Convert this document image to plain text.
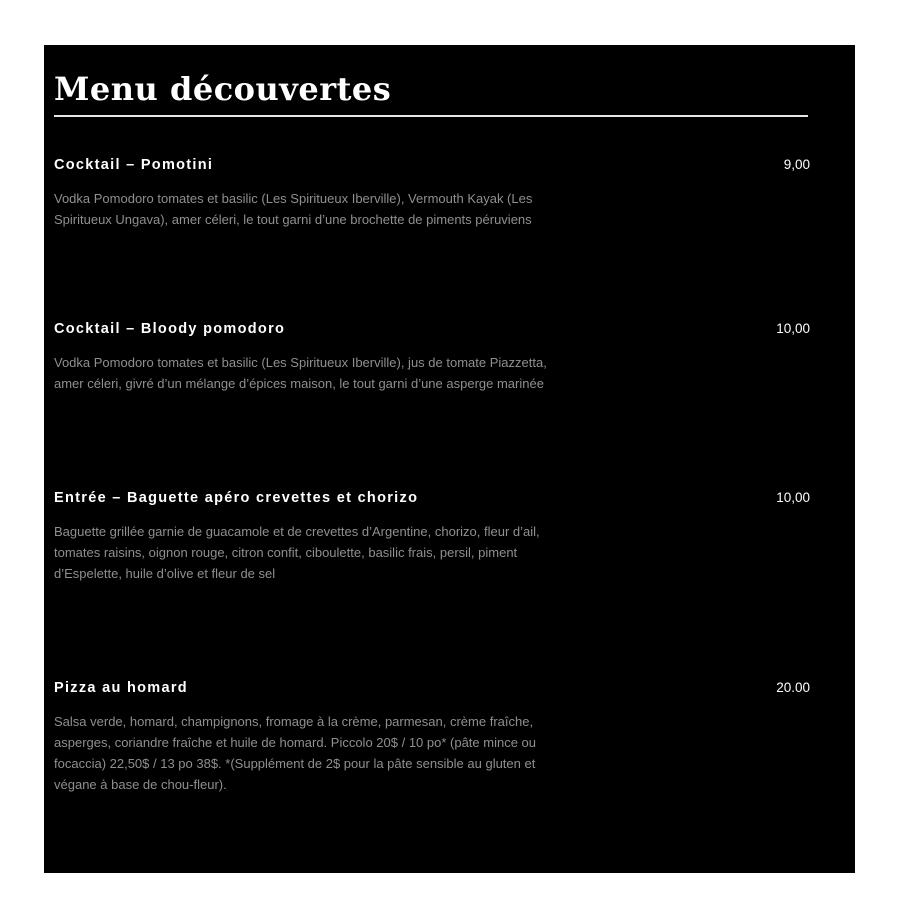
Menu découvertes
Cocktail – Pomotini	9,00
Vodka Pomodoro tomates et basilic (Les Spiritueux Iberville), Vermouth Kayak (Les Spiritueux Ungava), amer céleri, le tout garni d’une brochette de piments péruviens
Cocktail – Bloody pomodoro	10,00
Vodka Pomodoro tomates et basilic (Les Spiritueux Iberville), jus de tomate Piazzetta, amer céleri, givré d’un mélange d’épices maison, le tout garni d’une asperge marinée
Entrée – Baguette apéro crevettes et chorizo	10,00
Baguette grillée garnie de guacamole et de crevettes d’Argentine, chorizo, fleur d’ail, tomates raisins, oignon rouge, citron confit, ciboulette, basilic frais, persil, piment d’Espelette, huile d’olive et fleur de sel
Pizza au homard	20.00
Salsa verde, homard, champignons, fromage à la crème, parmesan, crème fraîche, asperges, coriandre fraîche et huile de homard. Piccolo 20$ / 10 po* (pâte mince ou focaccia) 22,50$ / 13 po 38$. *(Supplément de 2$ pour la pâte sensible au gluten et végane à base de chou-fleur).
